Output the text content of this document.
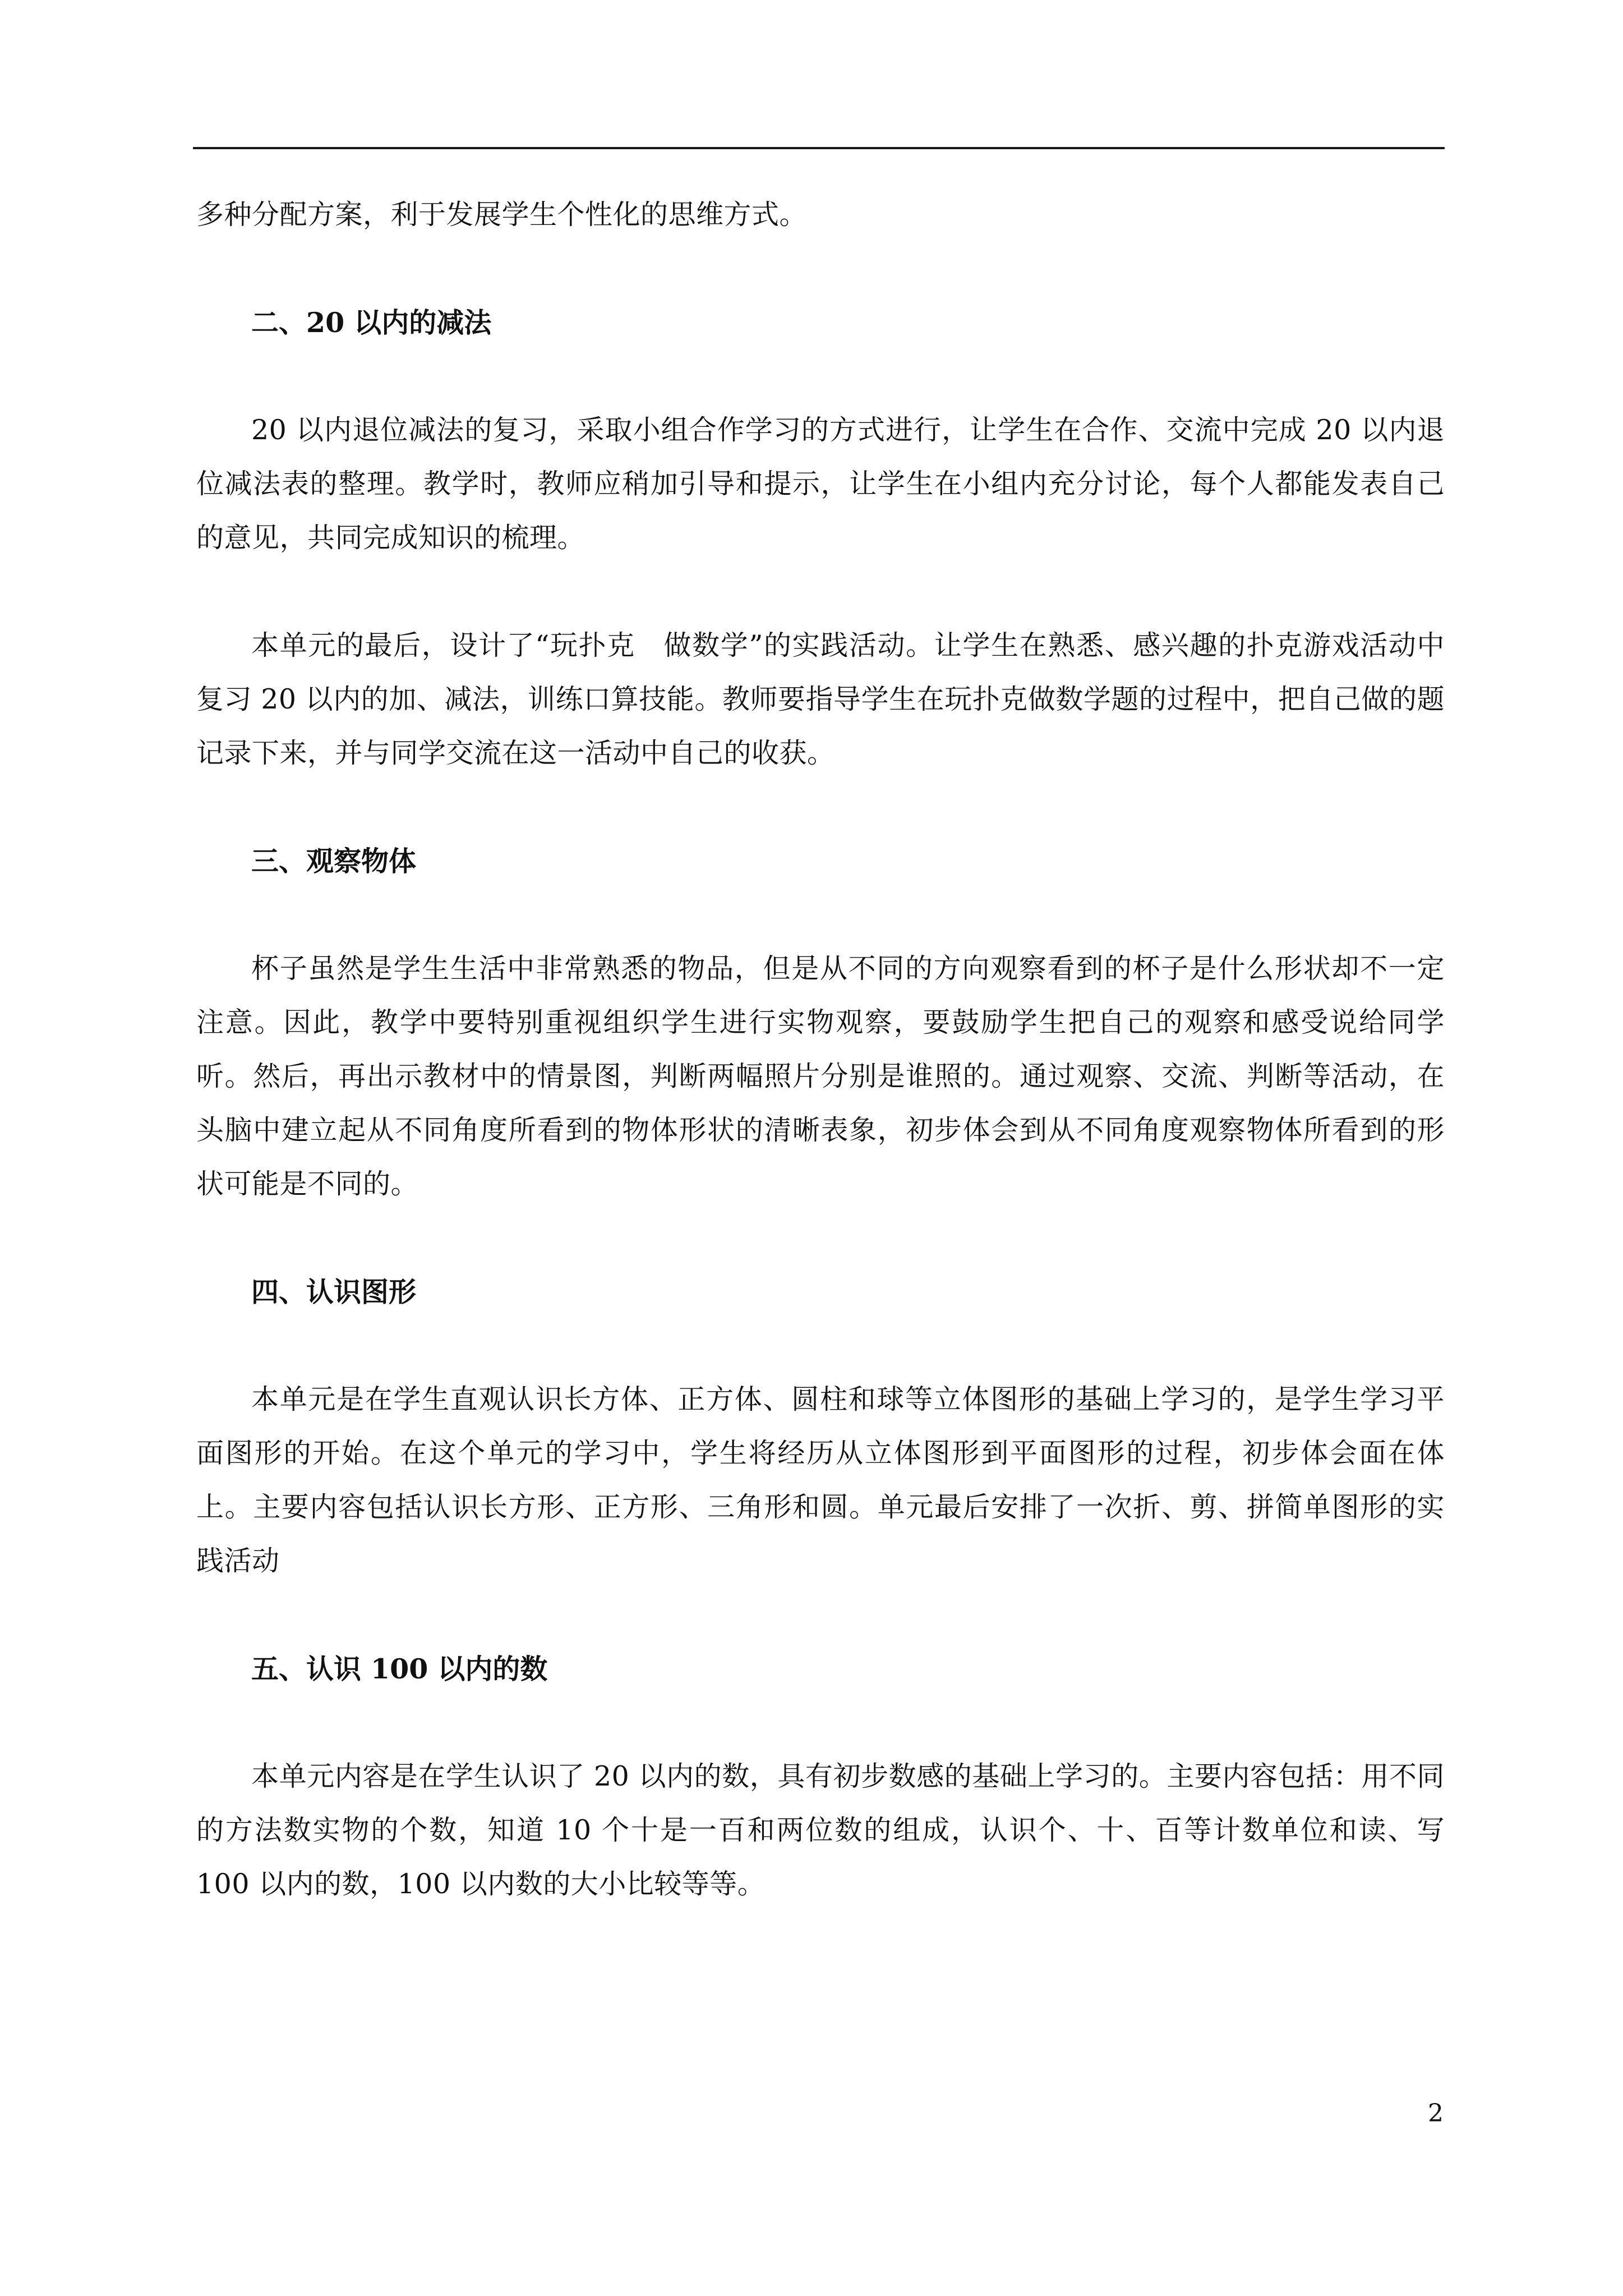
多种分配方案，利于发展学生个性化的思维方式。

二、20 以内的减法

20 以内退位减法的复习，采取小组合作学习的方式进行，让学生在合作、交流中完成 20 以内退位减法表的整理。教学时，教师应稍加引导和提示，让学生在小组内充分讨论，每个人都能发表自己的意见，共同完成知识的梳理。

本单元的最后，设计了“玩扑克　做数学”的实践活动。让学生在熟悉、感兴趣的扑克游戏活动中复习 20 以内的加、减法，训练口算技能。教师要指导学生在玩扑克做数学题的过程中，把自己做的题记录下来，并与同学交流在这一活动中自己的收获。

三、观察物体

杯子虽然是学生生活中非常熟悉的物品，但是从不同的方向观察看到的杯子是什么形状却不一定注意。因此，教学中要特别重视组织学生进行实物观察，要鼓励学生把自己的观察和感受说给同学听。然后，再出示教材中的情景图，判断两幅照片分别是谁照的。通过观察、交流、判断等活动，在头脑中建立起从不同角度所看到的物体形状的清晰表象，初步体会到从不同角度观察物体所看到的形状可能是不同的。

四、认识图形

本单元是在学生直观认识长方体、正方体、圆柱和球等立体图形的基础上学习的，是学生学习平面图形的开始。在这个单元的学习中，学生将经历从立体图形到平面图形的过程，初步体会面在体上。主要内容包括认识长方形、正方形、三角形和圆。单元最后安排了一次折、剪、拼简单图形的实践活动

五、认识 100 以内的数

本单元内容是在学生认识了 20 以内的数，具有初步数感的基础上学习的。主要内容包括：用不同的方法数实物的个数，知道 10 个十是一百和两位数的组成，认识个、十、百等计数单位和读、写 100 以内的数，100 以内数的大小比较等等。

2
